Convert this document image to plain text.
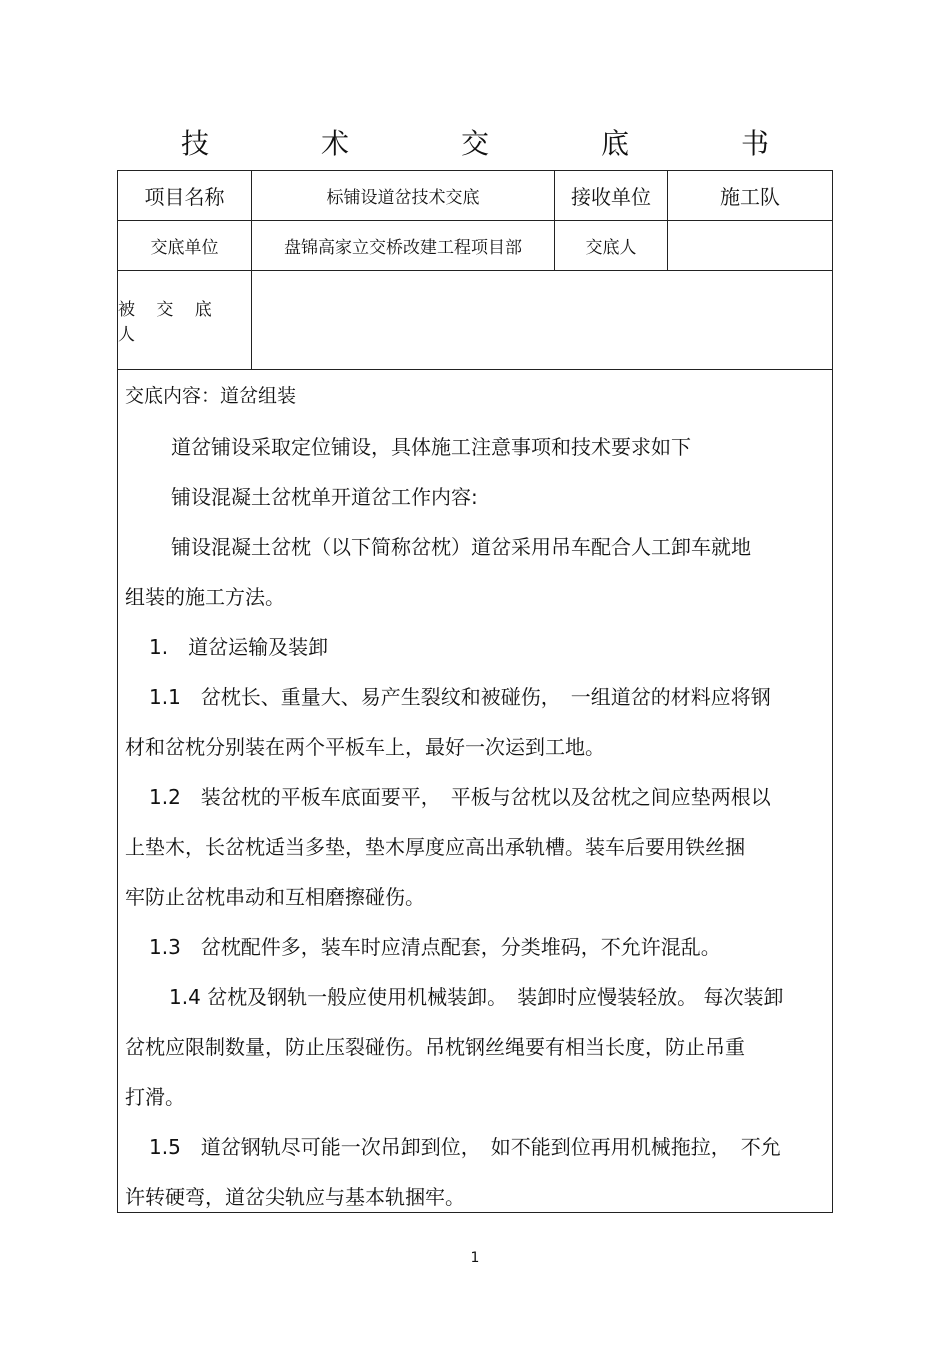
技　术　交　底　书
项目名称	标铺设道岔技术交底	接收单位	施工队
交底单位	盘锦高家立交桥改建工程项目部	交底人
被 交 底 人
交底内容：道岔组装
道岔铺设采取定位铺设，具体施工注意事项和技术要求如下
铺设混凝土岔枕单开道岔工作内容:
铺设混凝土岔枕（以下简称岔枕）道岔采用吊车配合人工卸车就地
组装的施工方法。
1.　道岔运输及装卸
1.1　岔枕长、重量大、易产生裂纹和被碰伤，　一组道岔的材料应将钢
材和岔枕分别装在两个平板车上，最好一次运到工地。
1.2　装岔枕的平板车底面要平，　平板与岔枕以及岔枕之间应垫两根以
上垫木，长岔枕适当多垫，垫木厚度应高出承轨槽。装车后要用铁丝捆
牢防止岔枕串动和互相磨擦碰伤。
1.3　岔枕配件多，装车时应清点配套，分类堆码，不允许混乱。
1.4 岔枕及钢轨一般应使用机械装卸。　装卸时应慢装轻放。 每次装卸
岔枕应限制数量，防止压裂碰伤。吊枕钢丝绳要有相当长度，防止吊重
打滑。
1.5　道岔钢轨尽可能一次吊卸到位，　如不能到位再用机械拖拉，　不允
许转硬弯，道岔尖轨应与基本轨捆牢。
1
